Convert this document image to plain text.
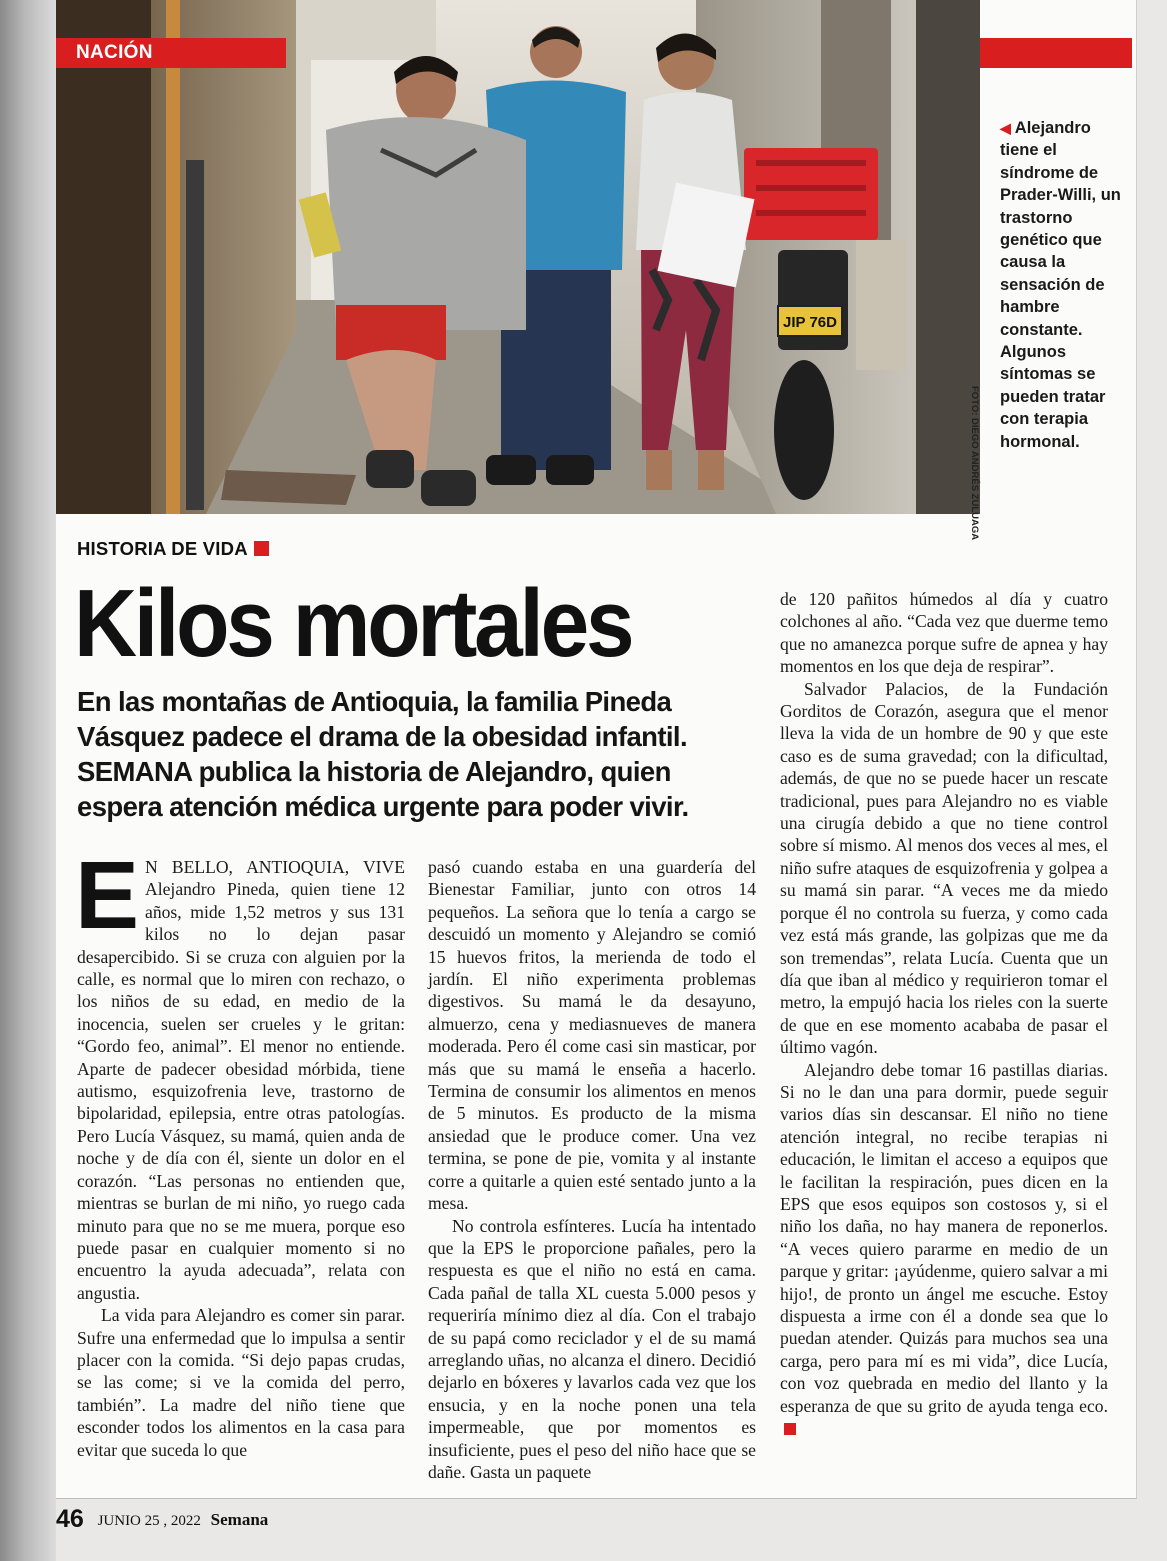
JIP 76D
NACIÓN
FOTO: DIEGO ANDRÉS ZULUAGA
◀ Alejandro tiene el síndrome de Prader-Willi, un trastorno genético que causa la sensación de hambre constante. Algunos síntomas se pueden tratar con terapia hormonal.
HISTORIA DE VIDA
Kilos mortales
En las montañas de Antioquia, la familia Pineda Vásquez padece el drama de la obesidad infantil. SEMANA publica la historia de Alejandro, quien espera atención médica urgente para poder vivir.

E N BELLO, ANTIOQUIA, VIVE Alejandro Pineda, quien tiene 12 años, mide 1,52 metros y sus 131 kilos no lo dejan pasar desapercibido. Si se cruza con alguien por la calle, es normal que lo miren con rechazo, o los niños de su edad, en medio de la inocencia, suelen ser crueles y le gritan: “Gordo feo, animal”. El menor no entiende. Aparte de padecer obesidad mórbida, tiene autismo, esquizofrenia leve, trastorno de bipolaridad, epilepsia, entre otras patologías. Pero Lucía Vásquez, su mamá, quien anda de noche y de día con él, siente un dolor en el corazón. “Las personas no entienden que, mientras se burlan de mi niño, yo ruego cada minuto para que no se me muera, porque eso puede pasar en cualquier momento si no encuentro la ayuda adecuada”, relata con angustia.

La vida para Alejandro es comer sin parar. Sufre una enfermedad que lo impulsa a sentir placer con la comida. “Si dejo papas crudas, se las come; si ve la comida del perro, también”. La madre del niño tiene que esconder todos los alimentos en la casa para evitar que suceda lo que

pasó cuando estaba en una guardería del Bienestar Familiar, junto con otros 14 pequeños. La señora que lo tenía a cargo se descuidó un momento y Alejandro se comió 15 huevos fritos, la merienda de todo el jardín. El niño experimenta problemas digestivos. Su mamá le da desayuno, almuerzo, cena y mediasnueves de manera moderada. Pero él come casi sin masticar, por más que su mamá le enseña a hacerlo. Termina de consumir los alimentos en menos de 5 minutos. Es producto de la misma ansiedad que le produce comer. Una vez termina, se pone de pie, vomita y al instante corre a quitarle a quien esté sentado junto a la mesa.

No controla esfínteres. Lucía ha intentado que la EPS le proporcione pañales, pero la respuesta es que el niño no está en cama. Cada pañal de talla XL cuesta 5.000 pesos y requeriría mínimo diez al día. Con el trabajo de su papá como reciclador y el de su mamá arreglando uñas, no alcanza el dinero. Decidió dejarlo en bóxeres y lavarlos cada vez que los ensucia, y en la noche ponen una tela impermeable, que por momentos es insuficiente, pues el peso del niño hace que se dañe. Gasta un paquete

de 120 pañitos húmedos al día y cuatro colchones al año. “Cada vez que duerme temo que no amanezca porque sufre de apnea y hay momentos en los que deja de respirar”.

Salvador Palacios, de la Fundación Gorditos de Corazón, asegura que el menor lleva la vida de un hombre de 90 y que este caso es de suma gravedad; con la dificultad, además, de que no se puede hacer un rescate tradicional, pues para Alejandro no es viable una cirugía debido a que no tiene control sobre sí mismo. Al menos dos veces al mes, el niño sufre ataques de esquizofrenia y golpea a su mamá sin parar. “A veces me da miedo porque él no controla su fuerza, y como cada vez está más grande, las golpizas que me da son tremendas”, relata Lucía. Cuenta que un día que iban al médico y requirieron tomar el metro, la empujó hacia los rieles con la suerte de que en ese momento acababa de pasar el último vagón.

Alejandro debe tomar 16 pastillas diarias. Si no le dan una para dormir, puede seguir varios días sin descansar. El niño no tiene atención integral, no recibe terapias ni educación, le limitan el acceso a equipos que le facilitan la respiración, pues dicen en la EPS que esos equipos son costosos y, si el niño los daña, no hay manera de reponerlos. “A veces quiero pararme en medio de un parque y gritar: ¡ayúdenme, quiero salvar a mi hijo!, de pronto un ángel me escuche. Estoy dispuesta a irme con él a donde sea que lo puedan atender. Quizás para muchos sea una carga, pero para mí es mi vida”, dice Lucía, con voz quebrada en medio del llanto y la esperanza de que su grito de ayuda tenga eco.

46 JUNIO 25 , 2022 Semana
